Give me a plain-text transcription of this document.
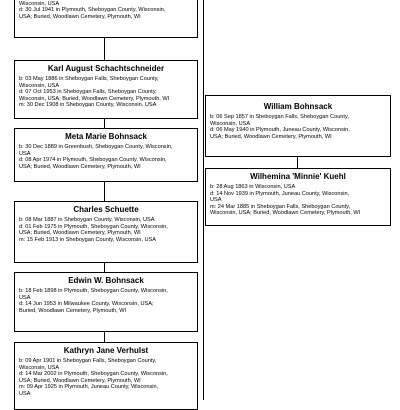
Wisconsin, USA
d: 30 Jul 1941 in Plymouth, Sheboygan County, Wisconsin,
USA; Buried, Woodlawn Cemetery, Plymouth, WI
Karl August Schachtschneider
b: 03 May 1886 in Sheboygan Falls, Sheboygan County,
Wisconsin, USA
d: 07 Oct 1953 in Sheboygan Falls, Sheboygan County,
Wisconsin, USA; Buried, Woodlawn Cemetery, Plymouth, WI
m: 30 Dec 1908 in Sheboygan County, Wisconsin, USA
Meta Marie Bohnsack
b: 30 Dec 1889 in Greenbush, Sheboygan County, Wisconsin,
USA
d: 08 Apr 1974 in Plymouth, Sheboygan County, Wisconsin,
USA; Buried, Woodlawn Cemetery, Plymouth, WI
Charles Schuette
b: 08 Mar 1887 in Sheboygan County, Wisconsin, USA
d: 01 Feb 1975 in Plymouth, Sheboygan County, Wisconsin,
USA; Buried, Woodlawn Cemetery, Plymouth, WI
m: 15 Feb 1913 in Sheboygan County, Wisconsin, USA
Edwin W. Bohnsack
b: 18 Feb 1898 in Plymouth, Sheboygan County, Wisconsin,
USA
d: 14 Jun 1953 in Milwaukee County, Wisconsin, USA;
Buried, Woodlawn Cemetery, Plymouth, WI
Kathryn Jane Verhulst
b: 09 Apr 1901 in Sheboygan Falls, Sheboygan County,
Wisconsin, USA
d: 14 Mar 2002 in Plymouth, Sheboygan County, Wisconsin,
USA; Buried, Woodlawn Cemetery, Plymouth, WI
m: 09 Apr 1925 in Plymouth, Juneau County, Wisconsin,
USA
William Bohnsack
b: 06 Sep 1857 in Sheboygan Falls, Sheboygan County,
Wisconsin, USA
d: 06 May 1940 in Plymouth, Juneau County, Wisconsin,
USA; Buried, Woodlawn Cemetery, Plymouth, WI
Wilhemina 'Minnie' Kuehl
b: 28 Aug 1863 in Wisconsin, USA
d: 14 Nov 1939 in Plymouth, Juneau County, Wisconsin,
USA
m: 24 Mar 1885 in Sheboygan Falls, Sheboygan County,
Wisconsin, USA; Buried, Woodlawn Cemetery, Plymouth, WI
